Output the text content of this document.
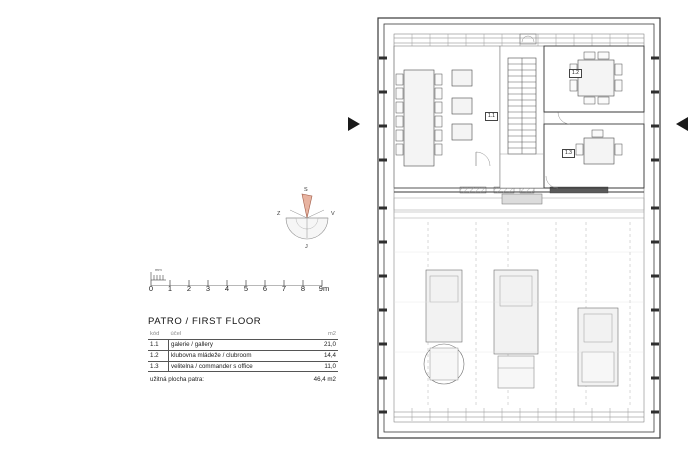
1.1
1.2
1.3
S
V
J
Z
mm
0 1 2 3 4 5 6 7 8 9m
PATRO / FIRST FLOOR
kód	účel	m2
1.1	galerie / gallery	21,0
1.2	klubovna mládeže / clubroom	14,4
1.3	velitelna / commander s office	11,0
užitná plocha patra:	46,4 m2
